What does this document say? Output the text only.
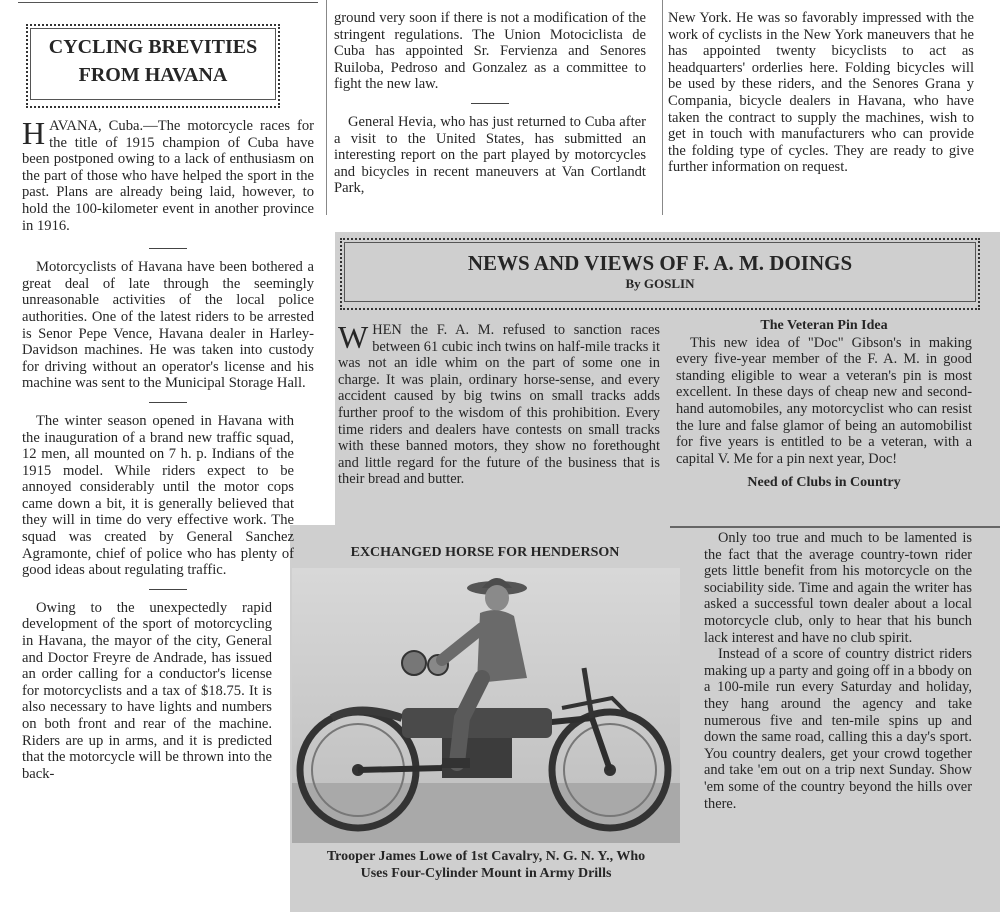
CYCLING BREVITIES
FROM HAVANA

HAVANA, Cuba.—The motorcycle races for the title of 1915 champion of Cuba have been postponed owing to a lack of enthusiasm on the part of those who have helped the sport in the past. Plans are already being laid, however, to hold the 100-kilometer event in another province in 1916.

Motorcyclists of Havana have been bothered a great deal of late through the seemingly unreasonable activities of the local police authorities. One of the latest riders to be arrested is Senor Pepe Vence, Havana dealer in Harley-Davidson machines. He was taken into custody for driving without an operator's license and his machine was sent to the Municipal Storage Hall.

The winter season opened in Havana with the inauguration of a brand new traffic squad, 12 men, all mounted on 7 h. p. Indians of the 1915 model. While riders expect to be annoyed considerably until the motor cops came down a bit, it is generally believed that they will in time do very effective work. The squad was created by General Sanchez Agramonte, chief of police who has plenty of good ideas about regulating traffic.

Owing to the unexpectedly rapid development of the sport of motorcycling in Havana, the mayor of the city, General and Doctor Freyre de Andrade, has issued an order calling for a conductor's license for motorcyclists and a tax of $18.75. It is also necessary to have lights and numbers on both front and rear of the machine. Riders are up in arms, and it is predicted that the motorcycle will be thrown into the back-

ground very soon if there is not a modification of the stringent regulations. The Union Motociclista de Cuba has appointed Sr. Fervienza and Senores Ruiloba, Pedroso and Gonzalez as a committee to fight the new law.

General Hevia, who has just returned to Cuba after a visit to the United States, has submitted an interesting report on the part played by motorcycles and bicycles in recent maneuvers at Van Cortlandt Park,

New York. He was so favorably impressed with the work of cyclists in the New York maneuvers that he has appointed twenty bicyclists to act as headquarters' orderlies here. Folding bicycles will be used by these riders, and the Senores Grana y Compania, bicycle dealers in Havana, who have taken the contract to supply the machines, wish to get in touch with manufacturers who can provide the folding type of cycles. They are ready to give further information on request.

NEWS AND VIEWS OF F. A. M. DOINGS
By GOSLIN

WHEN the F. A. M. refused to sanction races between 61 cubic inch twins on half-mile tracks it was not an idle whim on the part of some one in charge. It was plain, ordinary horse-sense, and every accident caused by big twins on small tracks adds further proof to the wisdom of this prohibition. Every time riders and dealers have contests on small tracks with these banned motors, they show no forethought and little regard for the future of the business that is their bread and butter.

The Veteran Pin Idea

This new idea of "Doc" Gibson's in making every five-year member of the F. A. M. in good standing eligible to wear a veteran's pin is most excellent. In these days of cheap new and second-hand automobiles, any motorcyclist who can resist the lure and false glamor of being an automobilist for five years is entitled to be a veteran, with a capital V. Me for a pin next year, Doc!

Need of Clubs in Country

Only too true and much to be lamented is the fact that the average country-town rider gets little benefit from his motorcycle on the sociability side. Time and again the writer has asked a successful town dealer about a local motorcycle club, only to hear that his bunch lack interest and have no club spirit.

Instead of a score of country district riders making up a party and going off in a bbody on a 100-mile run every Saturday and holiday, they hang around the agency and take numerous five and ten-mile spins up and down the same road, calling this a day's sport. You country dealers, get your crowd together and take 'em out on a trip next Sunday. Show 'em some of the country beyond the hills over there.

EXCHANGED HORSE FOR HENDERSON
Trooper James Lowe of 1st Cavalry, N. G. N. Y., Who
Uses Four-Cylinder Mount in Army Drills
